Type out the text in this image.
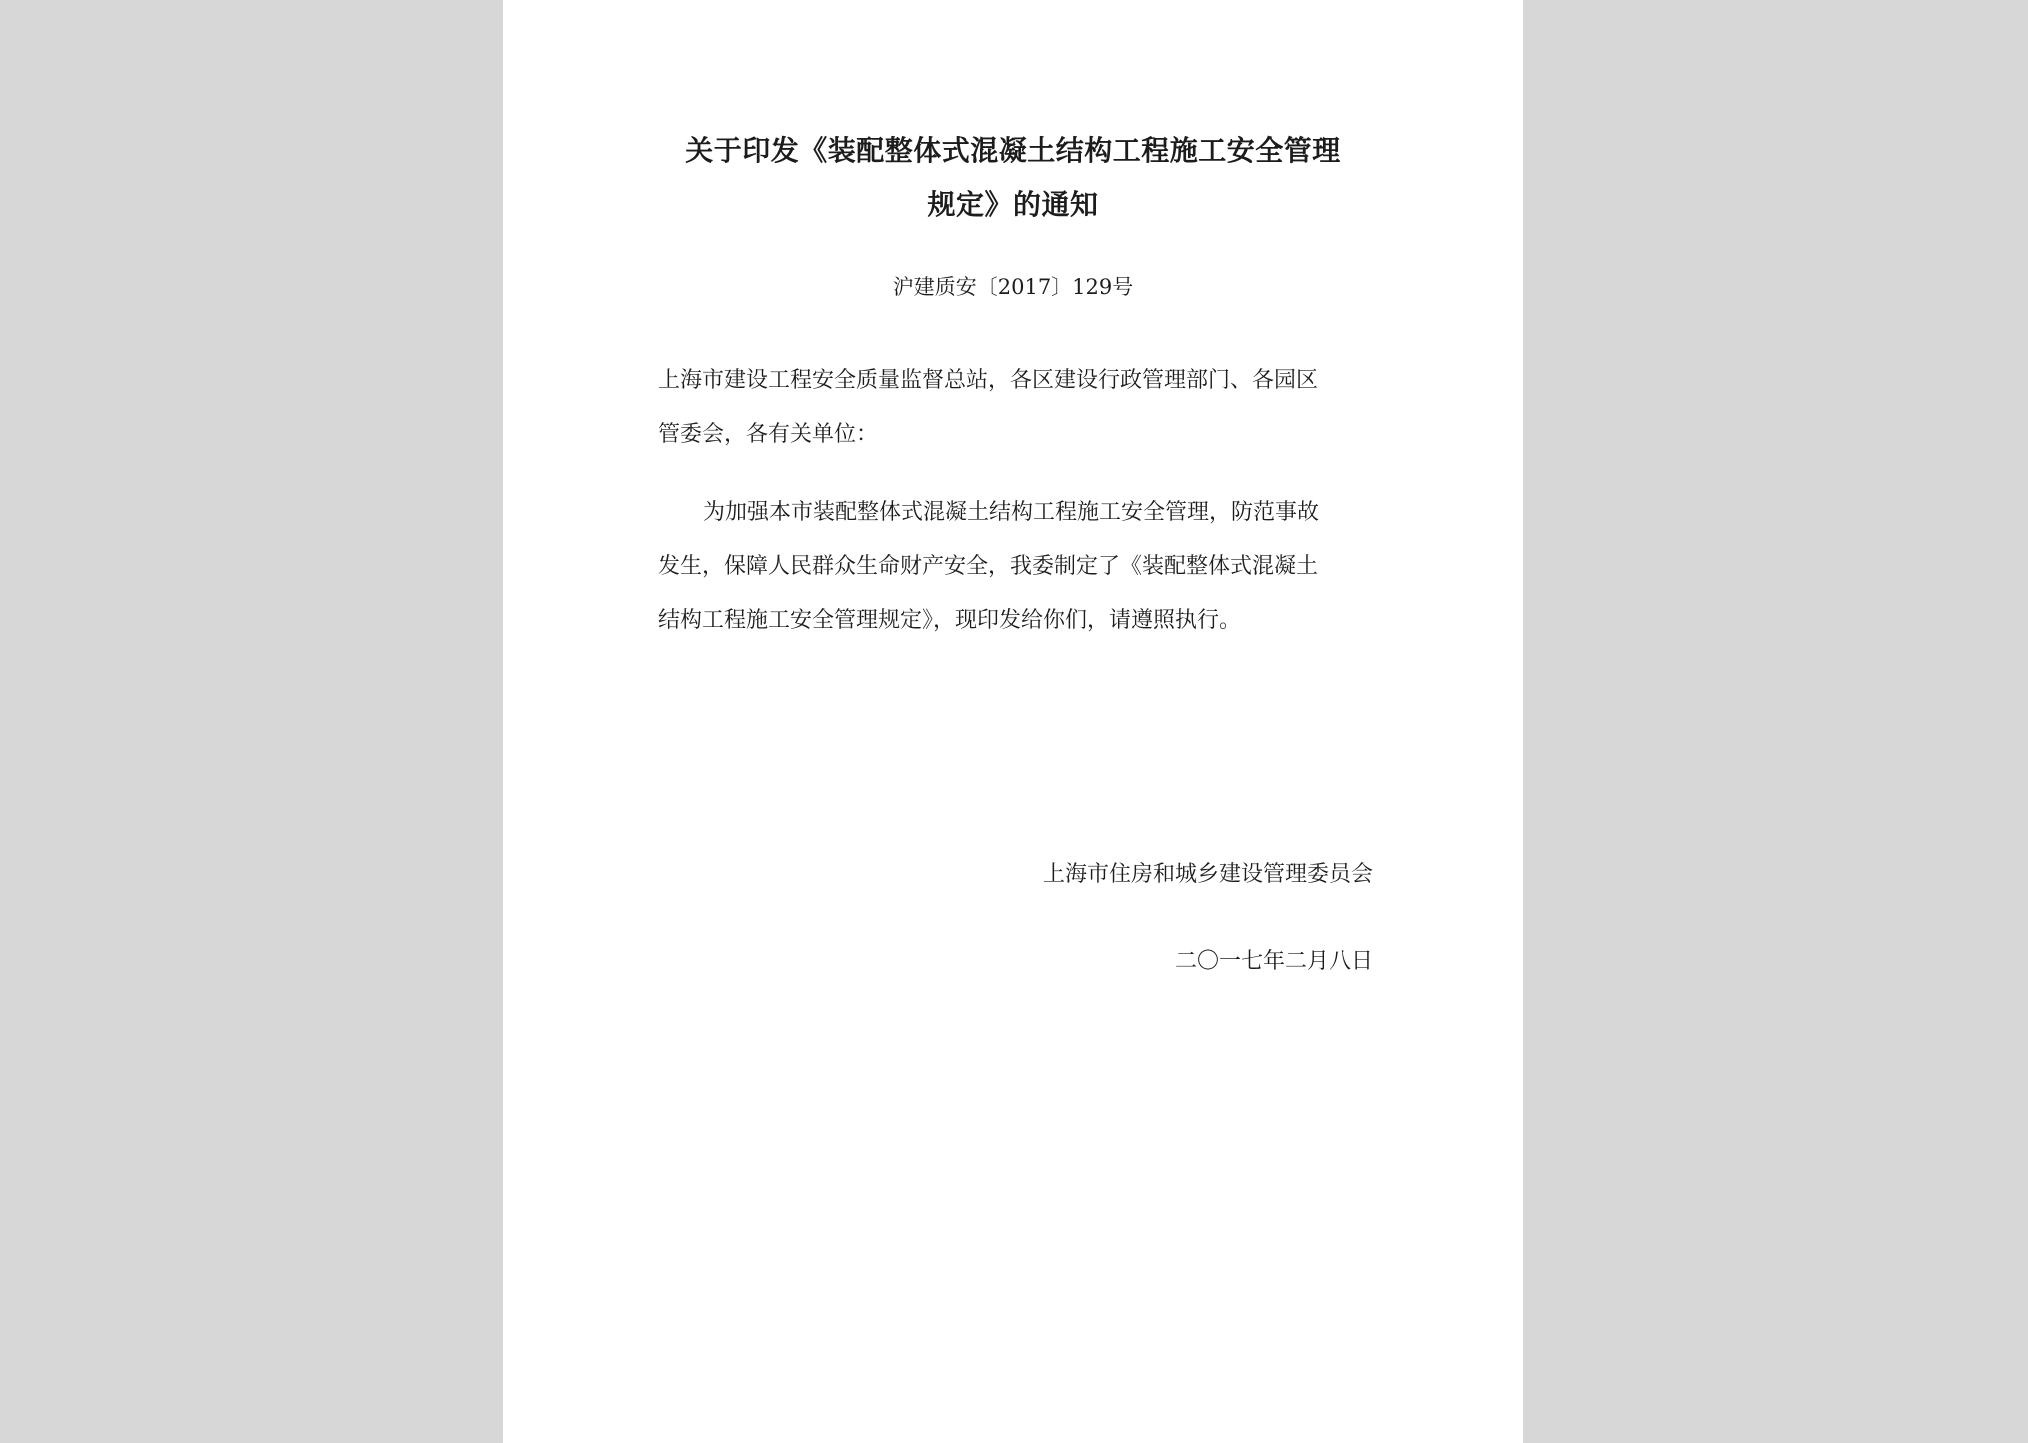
关于印发《装配整体式混凝土结构工程施工安全管理
规定》的通知
沪建质安〔2017〕129号
上海市建设工程安全质量监督总站，各区建设行政管理部门、各园区
管委会，各有关单位：
为加强本市装配整体式混凝土结构工程施工安全管理，防范事故
发生，保障人民群众生命财产安全，我委制定了《装配整体式混凝土
结构工程施工安全管理规定》，现印发给你们，请遵照执行。
上海市住房和城乡建设管理委员会
二〇一七年二月八日
